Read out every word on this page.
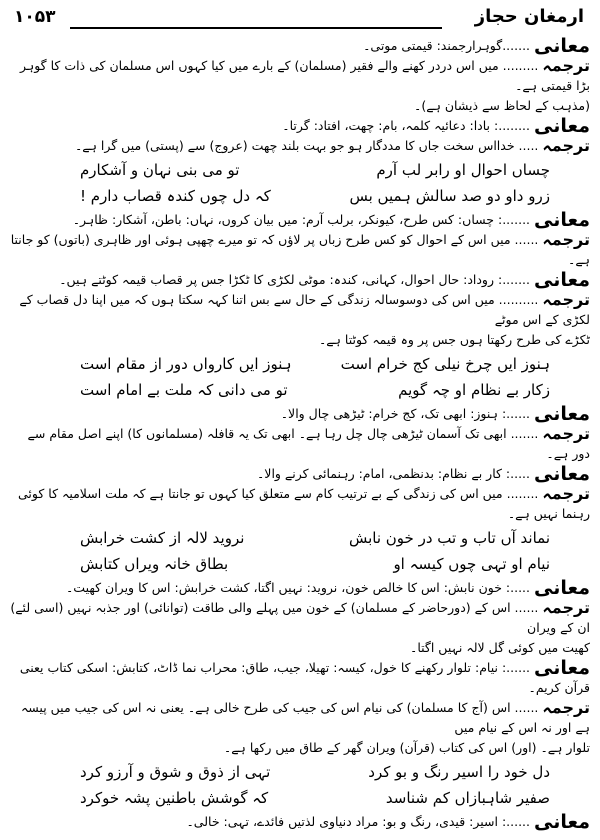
۱۰۵۳	ارمغان حجاز
معانی.......گوہرارجمند: قیمتی موتی۔
ترجمہ......... میں اس دردر کھنے والے فقیر (مسلمان) کے بارے میں کیا کہوں اس مسلمان کی ذات کا گوہر بڑا قیمتی ہے۔
(مذہب کے لحاظ سے ذیشان ہے)۔
معانی........: بادا: دعائیہ کلمہ، بام: چھت، افتاد: گرتا۔
ترجمہ..... خدااس سخت جاں کا مددگار ہو جو بہت بلند چھت (عروج) سے (پستی) میں گرا ہے۔
چساں احوال او رابر لب آرم
تو می بنی نہان و آشکارم
زرو داو دو صد سالش ہمیں بس
کہ دل چوں کندہ قصاب دارم !
معانی.......: چساں: کس طرح، کیونکر، برلب آرم: میں بیان کروں، نہاں: باطن، آشکار: ظاہر۔
ترجمہ...... میں اس کے احوال کو کس طرح زباں پر لاؤں کہ تو میرے چھپی ہوئی اور ظاہری (باتوں) کو جانتا ہے۔
معانی.......: روداد: حال احوال، کہانی، کندہ: موٹی لکڑی کا ٹکڑا جس پر قصاب قیمہ کوٹتے ہیں۔
ترجمہ.......... میں اس کی دوسوسالہ زندگی کے حال سے بس اتنا کہہ سکتا ہوں کہ میں اپنا دل قصاب کے لکڑی کے اس موٹے
ٹکڑے کی طرح رکھتا ہوں جس پر وہ قیمہ کوٹتا ہے۔
ہنوز ایں چرخ نیلی کج خرام است
ہنوز ایں کارواں دور از مقام است
زکار بے نظام او چہ گویم
تو می دانی کہ ملت بے امام است
معانی......: ہنوز: ابھی تک، کج خرام: ٹیڑھی چال والا۔
ترجمہ....... ابھی تک آسمان ٹیڑھی چال چل رہا ہے۔ ابھی تک یہ قافلہ (مسلمانوں کا) اپنے اصل مقام سے دور ہے۔
معانی.....: کار بے نظام: بدنظمی، امام: رہنمائی کرنے والا۔
ترجمہ........ میں اس کی زندگی کے بے ترتیب کام سے متعلق کیا کہوں تو جانتا ہے کہ ملت اسلامیہ کا کوئی رہنما نہیں ہے۔
نماند آں تاب و تب در خون نابش
نروید لالہ از کشت خرابش
نیام او تہی چوں کیسہ او
بطاق خانہ ویراں کتابش
معانی.....: خون نابش: اس کا خالص خون، نروید: نہیں اگتا، کشت خرابش: اس کا ویران کھیت۔
ترجمہ...... اس کے (دورحاضر کے مسلمان) کے خون میں پہلے والی طاقت (توانائی) اور جذبہ نہیں (اسی لئے) ان کے ویران
کھیت میں کوئی گل لالہ نہیں اگتا۔
معانی......: نیام: تلوار رکھنے کا خول، کیسہ: تھیلا، جیب، طاق: محراب نما ڈاٹ، کتابش: اسکی کتاب یعنی قرآن کریم۔
ترجمہ...... اس (آج کا مسلمان) کی نیام اس کی جیب کی طرح خالی ہے۔ یعنی نہ اس کی جیب میں پیسہ ہے اور نہ اس کے نیام میں
تلوار ہے۔ (اور) اس کی کتاب (قرآن) ویران گھر کے طاق میں رکھا ہے۔
دل خود را اسیر رنگ و بو کرد
تہی از ذوق و شوق و آرزو کرد
صفیر شاہبازاں کم شناسد
کہ گوشش باطنین پشہ خوکرد
معانی......: اسیر: قیدی، رنگ و بو: مراد دنیاوی لذتیں فائدے، تہی: خالی۔
